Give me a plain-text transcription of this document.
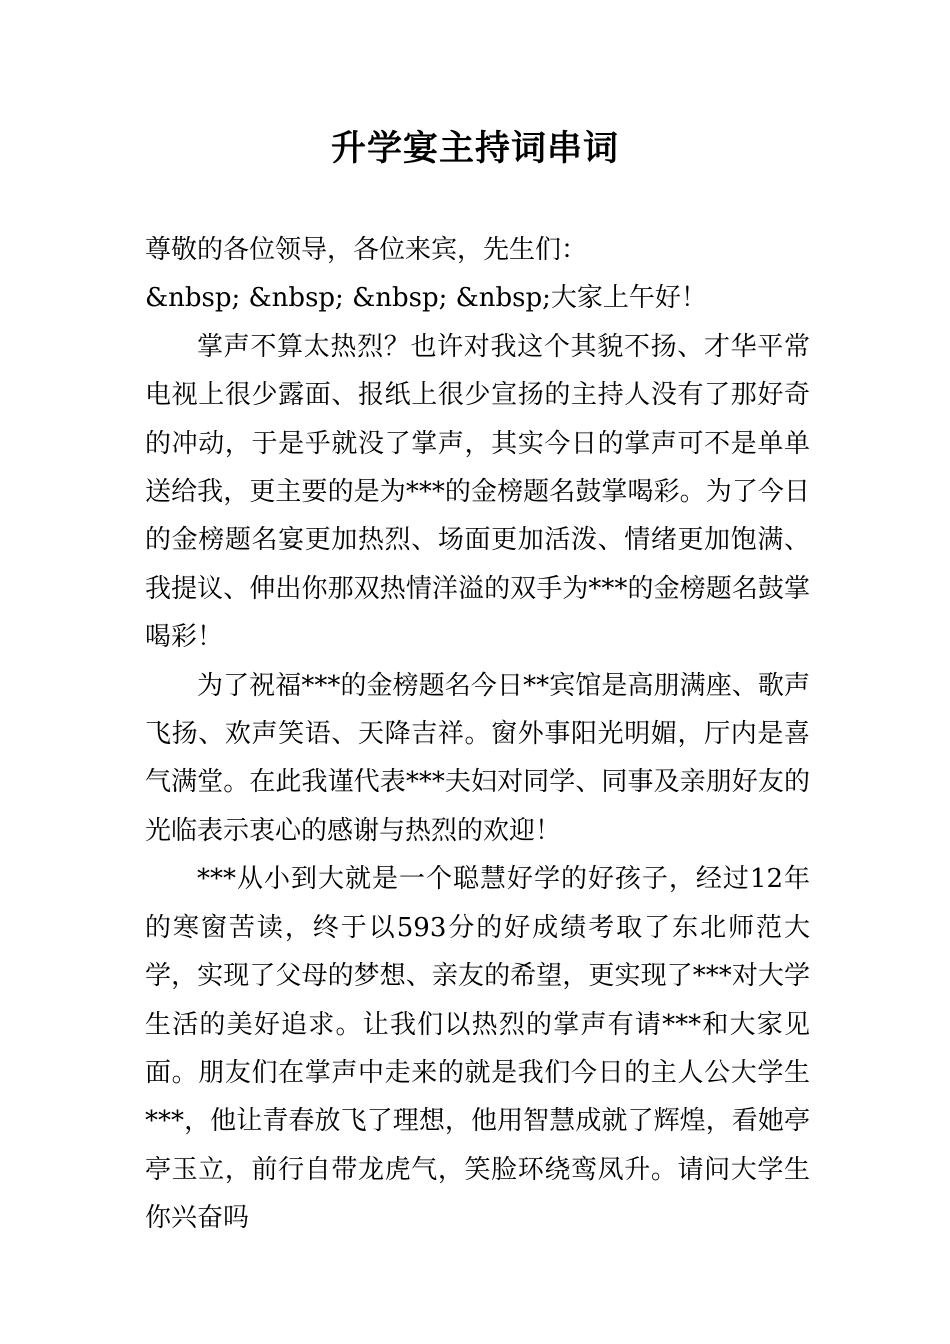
升学宴主持词串词

尊敬的各位领导，各位来宾，先生们：

&nbsp; &nbsp; &nbsp; &nbsp;大家上午好！

掌声不算太热烈？也许对我这个其貌不扬、才华平常电视上很少露面、报纸上很少宣扬的主持人没有了那好奇的冲动，于是乎就没了掌声，其实今日的掌声可不是单单送给我，更主要的是为***的金榜题名鼓掌喝彩。为了今日的金榜题名宴更加热烈、场面更加活泼、情绪更加饱满、我提议、伸出你那双热情洋溢的双手为***的金榜题名鼓掌喝彩！

为了祝福***的金榜题名今日**宾馆是高朋满座、歌声飞扬、欢声笑语、天降吉祥。窗外事阳光明媚，厅内是喜气满堂。在此我谨代表***夫妇对同学、同事及亲朋好友的光临表示衷心的感谢与热烈的欢迎！

***从小到大就是一个聪慧好学的好孩子，经过12年的寒窗苦读，终于以593分的好成绩考取了东北师范大学，实现了父母的梦想、亲友的希望，更实现了***对大学生活的美好追求。让我们以热烈的掌声有请***和大家见面。朋友们在掌声中走来的就是我们今日的主人公大学生***，他让青春放飞了理想，他用智慧成就了辉煌，看她亭亭玉立，前行自带龙虎气，笑脸环绕鸾凤升。请问大学生你兴奋吗
